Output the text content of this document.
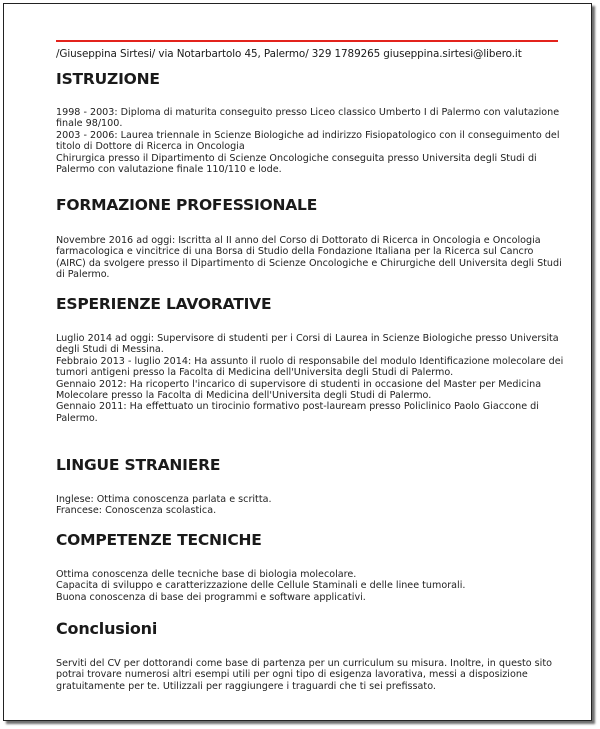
/Giuseppina Sirtesi/ via Notarbartolo 45, Palermo/ 329 1789265 giuseppina.sirtesi@libero.it
ISTRUZIONE
1998 - 2003: Diploma di maturita conseguito presso Liceo classico Umberto I di Palermo con valutazione finale 98/100.
2003 - 2006: Laurea triennale in Scienze Biologiche ad indirizzo Fisiopatologico con il conseguimento del titolo di Dottore di Ricerca in Oncologia
Chirurgica presso il Dipartimento di Scienze Oncologiche conseguita presso Universita degli Studi di Palermo con valutazione finale 110/110 e lode.
FORMAZIONE PROFESSIONALE
Novembre 2016 ad oggi: Iscritta al II anno del Corso di Dottorato di Ricerca in Oncologia e Oncologia farmacologica e vincitrice di una Borsa di Studio della Fondazione Italiana per la Ricerca sul Cancro (AIRC) da svolgere presso il Dipartimento di Scienze Oncologiche e Chirurgiche dell Universita degli Studi di Palermo.
ESPERIENZE LAVORATIVE
Luglio 2014 ad oggi: Supervisore di studenti per i Corsi di Laurea in Scienze Biologiche presso Universita degli Studi di Messina.
Febbraio 2013 - luglio 2014: Ha assunto il ruolo di responsabile del modulo Identificazione molecolare dei tumori antigeni presso la Facolta di Medicina dell'Universita degli Studi di Palermo.
Gennaio 2012: Ha ricoperto l'incarico di supervisore di studenti in occasione del Master per Medicina Molecolare presso la Facolta di Medicina dell'Universita degli Studi di Palermo.
Gennaio 2011: Ha effettuato un tirocinio formativo post-lauream presso Policlinico Paolo Giaccone di Palermo.
LINGUE STRANIERE
Inglese: Ottima conoscenza parlata e scritta.
Francese: Conoscenza scolastica.
COMPETENZE TECNICHE
Ottima conoscenza delle tecniche base di biologia molecolare.
Capacita di sviluppo e caratterizzazione delle Cellule Staminali e delle linee tumorali.
Buona conoscenza di base dei programmi e software applicativi.
Conclusioni
Serviti del CV per dottorandi come base di partenza per un curriculum su misura. Inoltre, in questo sito potrai trovare numerosi altri esempi utili per ogni tipo di esigenza lavorativa, messi a disposizione gratuitamente per te. Utilizzali per raggiungere i traguardi che ti sei prefissato.
